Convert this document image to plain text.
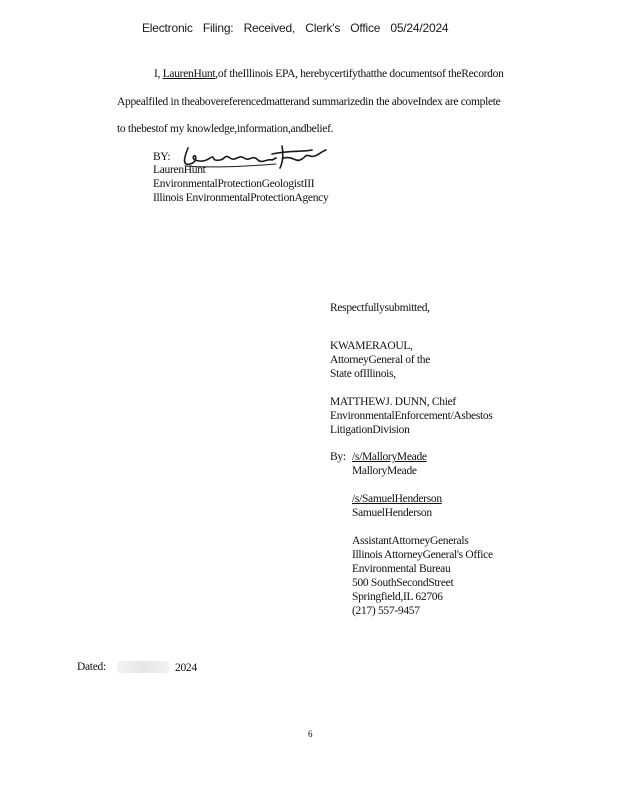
Electronic Filing: Received, Clerk's Office 05/24/2024
I, LaurenHunt,of theIllinois EPA, herebycertifythatthe documentsof theRecordon
Appealfiled in theabovereferencedmatterand summarizedin the aboveIndex are complete
to thebestof my knowledge,information,andbelief.
BY:
LaurenHunt
EnvironmentalProtectionGeologistIII
Illinois EnvironmentalProtectionAgency
Respectfullysubmitted,
KWAMERAOUL,
AttorneyGeneral of the
State ofIllinois,
MATTHEWJ. DUNN, Chief
EnvironmentalEnforcement/Asbestos
LitigationDivision
By: /s/MalloryMeade
MalloryMeade
/s/SamuelHenderson
SamuelHenderson
AssistantAttorneyGenerals
Illinois AttorneyGeneral's Office
Environmental Bureau
500 SouthSecondStreet
Springfield,IL 62706
(217) 557-9457
Dated:	2024
6
